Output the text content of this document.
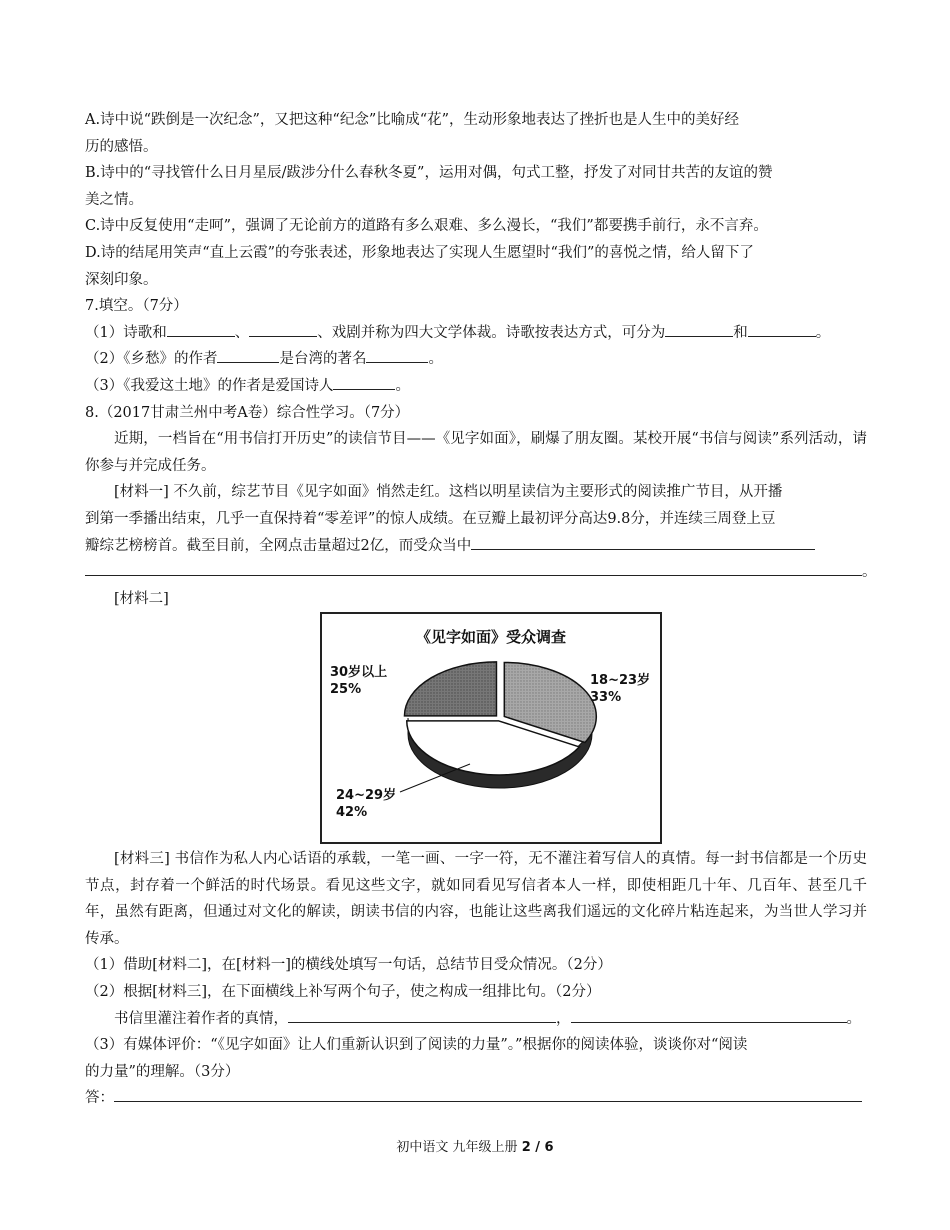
A.诗中说“跌倒是一次纪念”，又把这种“纪念”比喻成“花”，生动形象地表达了挫折也是人生中的美好经
历的感悟。
B.诗中的“寻找管什么日月星辰/跋涉分什么春秋冬夏”，运用对偶，句式工整，抒发了对同甘共苦的友谊的赞
美之情。
C.诗中反复使用“走呵”，强调了无论前方的道路有多么艰难、多么漫长，“我们”都要携手前行，永不言弃。
D.诗的结尾用笑声“直上云霞”的夸张表述，形象地表达了实现人生愿望时“我们”的喜悦之情，给人留下了
深刻印象。
7.填空。（7分）
（1）诗歌和	、	、戏剧并称为四大文学体裁。诗歌按表达方式，可分为	和	。
（2）《乡愁》的作者	是台湾的著名	。
（3）《我爱这土地》的作者是爱国诗人	。
8.（2017甘肃兰州中考A卷）综合性学习。（7分）
近期，一档旨在“用书信打开历史”的读信节目——《见字如面》，刷爆了朋友圈。某校开展“书信与阅读”系列活动，请你参与并完成任务。
[材料一] 不久前，综艺节目《见字如面》悄然走红。这档以明星读信为主要形式的阅读推广节目，从开播
到第一季播出结束，几乎一直保持着“零差评”的惊人成绩。在豆瓣上最初评分高达9.8分，并连续三周登上豆
瓣综艺榜榜首。截至目前，全网点击量超过2亿，而受众当中
。
[材料二]
《见字如面》受众调查
30岁以上
25%
18~23岁
33%
24~29岁
42%
[材料三] 书信作为私人内心话语的承载，一笔一画、一字一符，无不灌注着写信人的真情。每一封书信都是一个历史节点，封存着一个鲜活的时代场景。看见这些文字，就如同看见写信者本人一样，即使相距几十年、几百年、甚至几千年，虽然有距离，但通过对文化的解读，朗读书信的内容，也能让这些离我们遥远的文化碎片粘连起来，为当世人学习并传承。
（1）借助[材料二]，在[材料一]的横线处填写一句话，总结节目受众情况。（2分）
（2）根据[材料三]，在下面横线上补写两个句子，使之构成一组排比句。（2分）
书信里灌注着作者的真情，	，	。
（3）有媒体评价：“《见字如面》让人们重新认识到了阅读的力量”。”根据你的阅读体验，谈谈你对“阅读
的力量”的理解。（3分）
答：
初中语文 九年级上册 2 / 6
